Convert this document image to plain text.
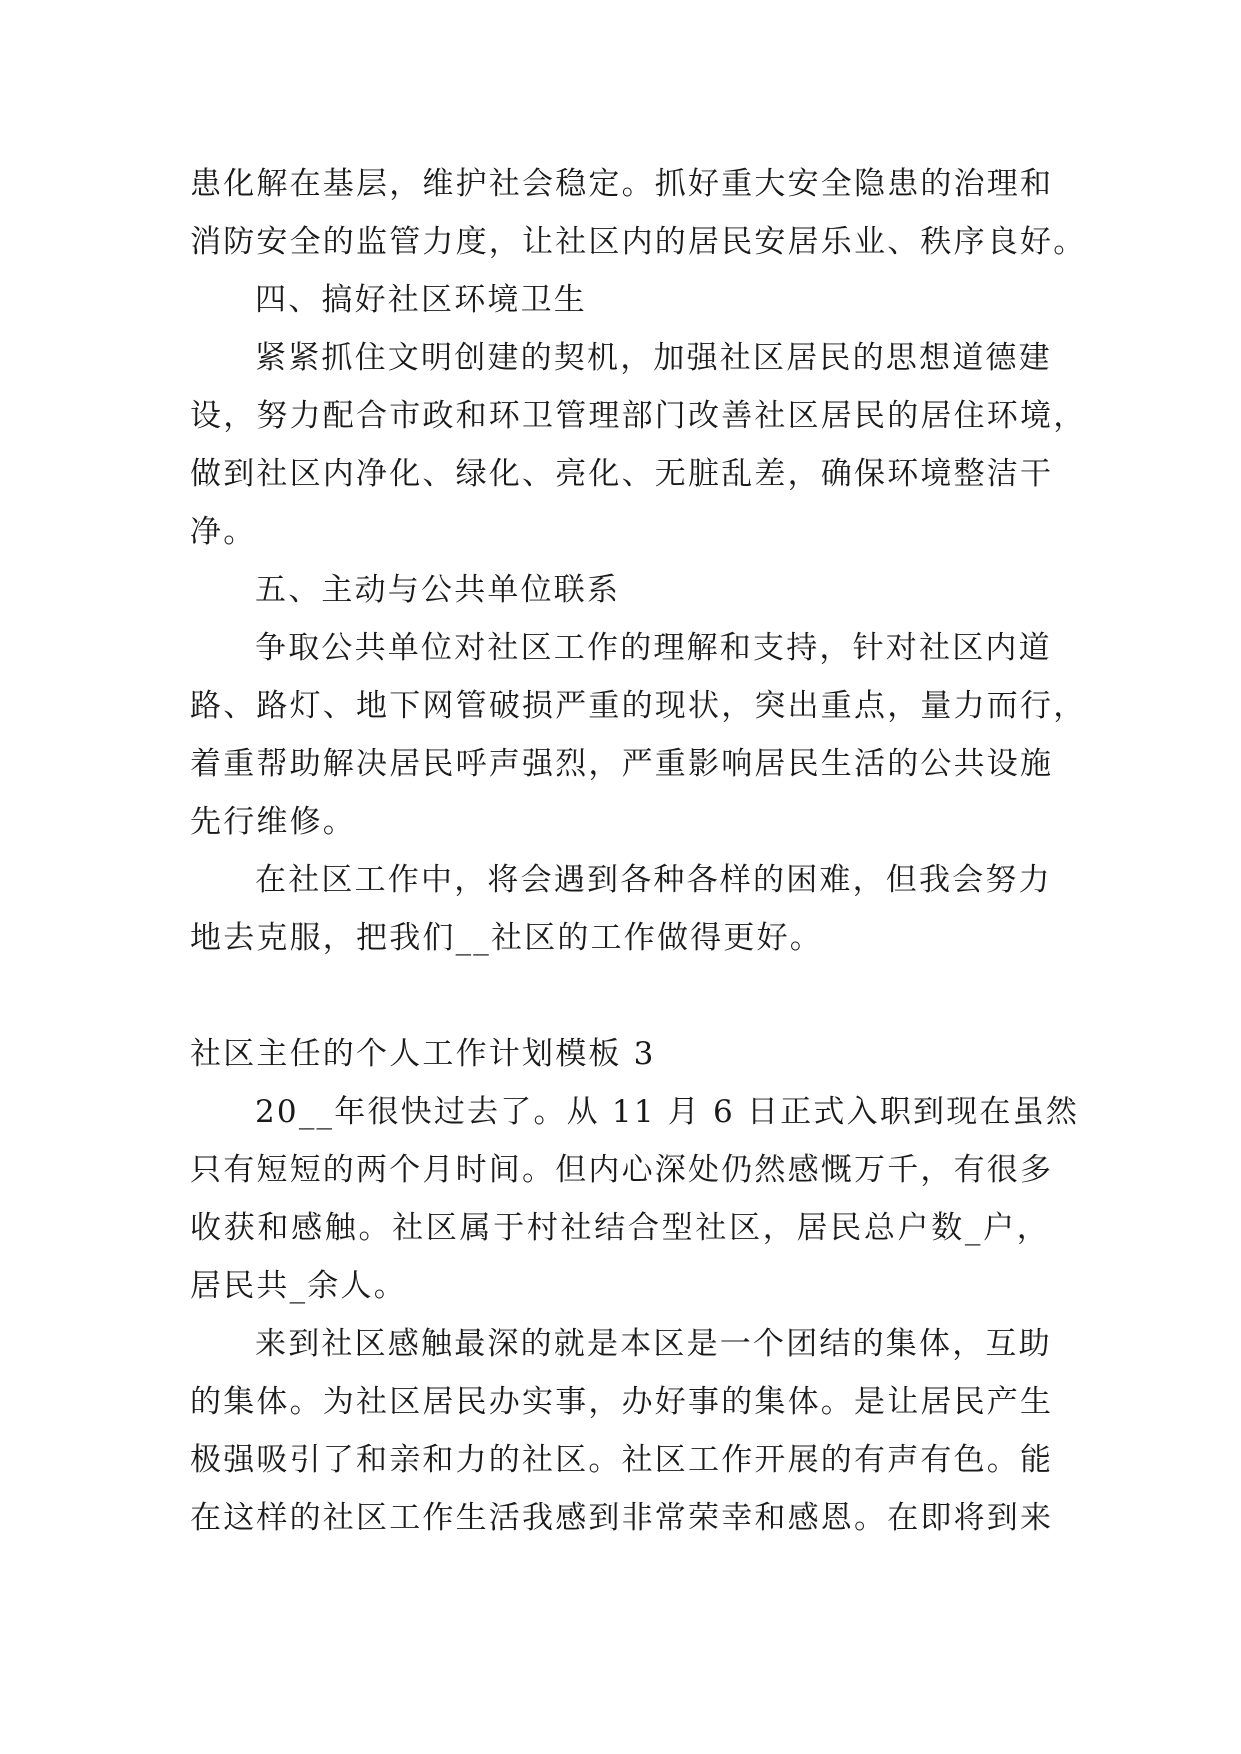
患化解在基层，维护社会稳定。抓好重大安全隐患的治理和
消防安全的监管力度，让社区内的居民安居乐业、秩序良好。
四、搞好社区环境卫生
紧紧抓住文明创建的契机，加强社区居民的思想道德建
设，努力配合市政和环卫管理部门改善社区居民的居住环境，
做到社区内净化、绿化、亮化、无脏乱差，确保环境整洁干
净。
五、主动与公共单位联系
争取公共单位对社区工作的理解和支持，针对社区内道
路、路灯、地下网管破损严重的现状，突出重点，量力而行，
着重帮助解决居民呼声强烈，严重影响居民生活的公共设施
先行维修。
在社区工作中，将会遇到各种各样的困难，但我会努力
地去克服，把我们__社区的工作做得更好。
社区主任的个人工作计划模板 3
20__年很快过去了。从 11 月 6 日正式入职到现在虽然
只有短短的两个月时间。但内心深处仍然感慨万千，有很多
收获和感触。社区属于村社结合型社区，居民总户数_户，
居民共_余人。
来到社区感触最深的就是本区是一个团结的集体，互助
的集体。为社区居民办实事，办好事的集体。是让居民产生
极强吸引了和亲和力的社区。社区工作开展的有声有色。能
在这样的社区工作生活我感到非常荣幸和感恩。在即将到来
